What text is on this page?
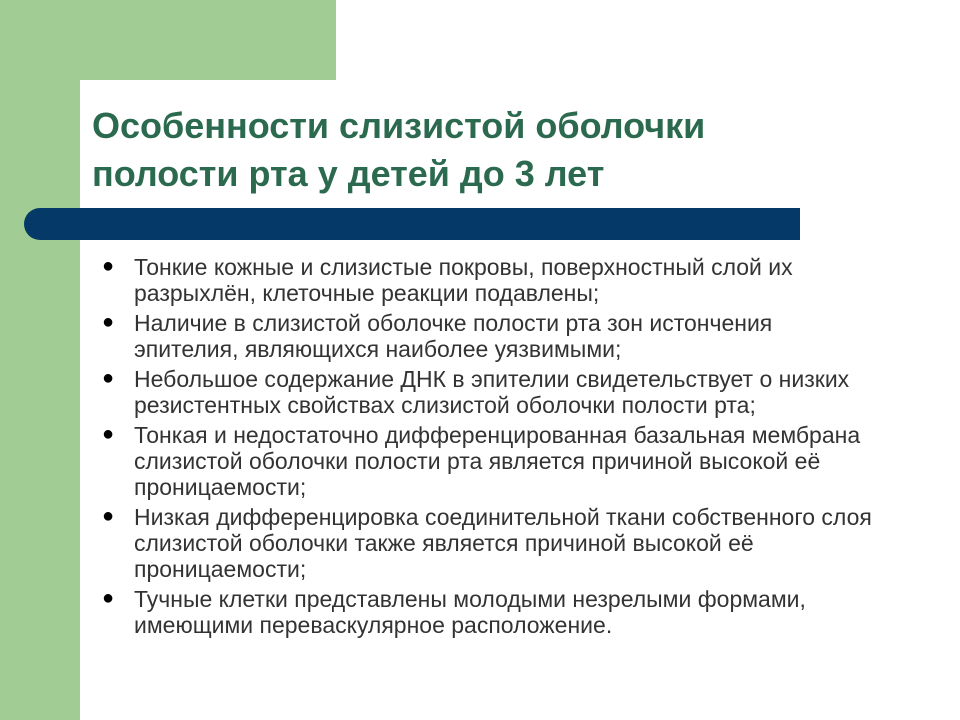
Особенности слизистой оболочки
полости рта у детей до 3 лет
● Тонкие кожные и слизистые покровы, поверхностный слой их разрыхлён, клеточные реакции подавлены;
● Наличие в слизистой оболочке полости рта зон истончения эпителия, являющихся наиболее уязвимыми;
● Небольшое содержание ДНК в эпителии свидетельствует о низких резистентных свойствах слизистой оболочки полости рта;
● Тонкая и недостаточно дифференцированная базальная мембрана слизистой оболочки полости рта является причиной высокой её проницаемости;
● Низкая дифференцировка соединительной ткани собственного слоя слизистой оболочки также является причиной высокой её проницаемости;
● Тучные клетки представлены молодыми незрелыми формами, имеющими переваскулярное расположение.
